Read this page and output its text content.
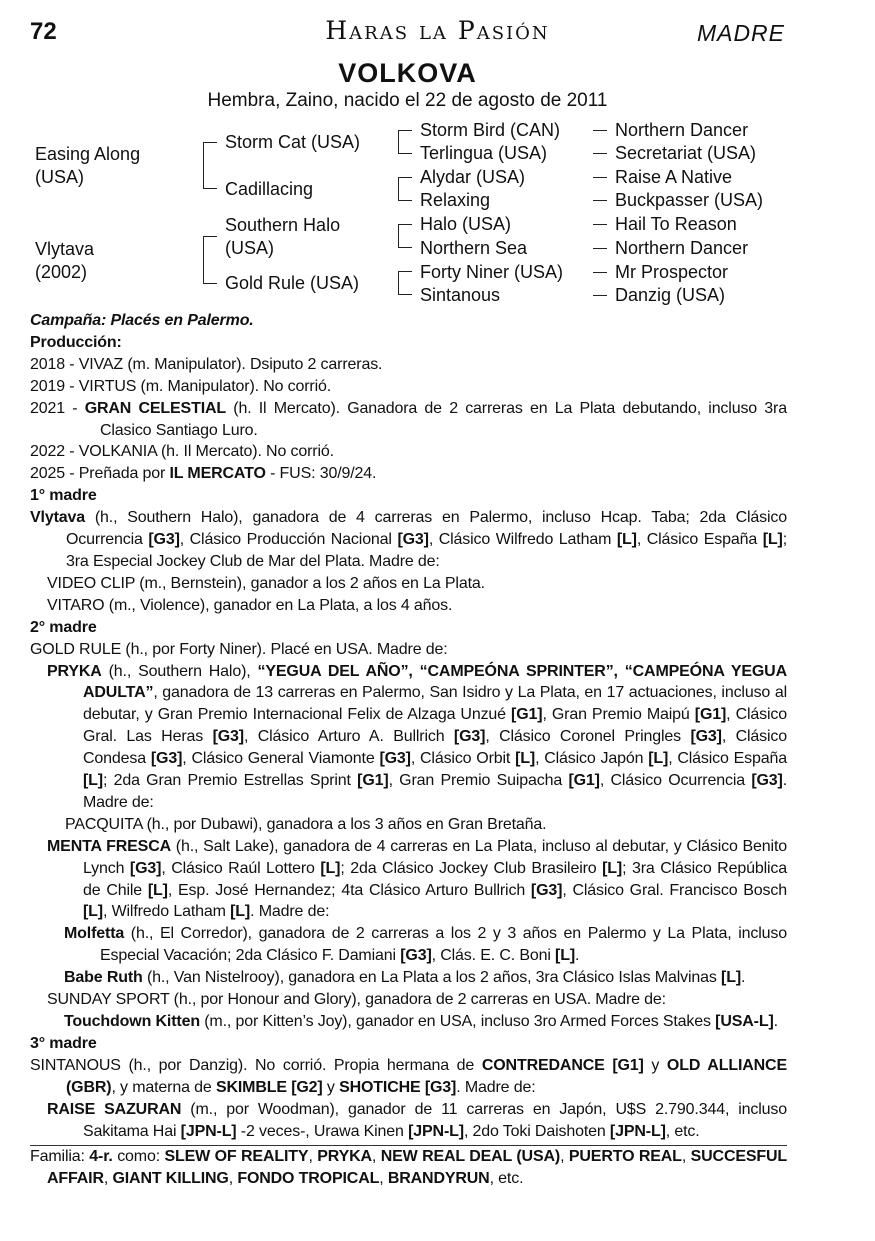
72	Haras la Pasión	MADRE
VOLKOVA
Hembra, Zaino, nacido el 22 de agosto de 2011
Easing Along (USA)
Vlytava (2002)
Storm Cat (USA)
Cadillacing
Southern Halo (USA)
Gold Rule (USA)
Storm Bird (CAN)
Terlingua (USA)
Alydar (USA)
Relaxing
Halo (USA)
Northern Sea
Forty Niner (USA)
Sintanous
Northern Dancer
Secretariat (USA)
Raise A Native
Buckpasser (USA)
Hail To Reason
Northern Dancer
Mr Prospector
Danzig (USA)

Campaña: Placés en Palermo.

Producción:

2018 - VIVAZ (m. Manipulator). Dsiputo 2 carreras.

2019 - VIRTUS (m. Manipulator). No corrió.

2021 - GRAN CELESTIAL (h. Il Mercato). Ganadora de 2 carreras en La Plata debutando, incluso 3ra Clasico Santiago Luro.

2022 - VOLKANIA (h. Il Mercato). No corrió.

2025 - Preñada por IL MERCATO - FUS: 30/9/24.

1° madre

Vlytava (h., Southern Halo), ganadora de 4 carreras en Palermo, incluso Hcap. Taba; 2da Clásico Ocurrencia [G3], Clásico Producción Nacional [G3], Clásico Wilfredo Latham [L], Clásico España [L]; 3ra Especial Jockey Club de Mar del Plata. Madre de:

VIDEO CLIP (m., Bernstein), ganador a los 2 años en La Plata.

VITARO (m., Violence), ganador en La Plata, a los 4 años.

2° madre

GOLD RULE (h., por Forty Niner). Placé en USA. Madre de:

PRYKA (h., Southern Halo), “YEGUA DEL AÑO”, “CAMPEÓNA SPRINTER”, “CAMPEÓNA YEGUA ADULTA”, ganadora de 13 carreras en Palermo, San Isidro y La Plata, en 17 actuaciones, incluso al debutar, y Gran Premio Internacional Felix de Alzaga Unzué [G1], Gran Premio Maipú [G1], Clásico Gral. Las Heras [G3], Clásico Arturo A. Bullrich [G3], Clásico Coronel Pringles [G3], Clásico Condesa [G3], Clásico General Viamonte [G3], Clásico Orbit [L], Clásico Japón [L], Clásico España [L]; 2da Gran Premio Estrellas Sprint [G1], Gran Premio Suipacha [G1], Clásico Ocurrencia [G3]. Madre de:

PACQUITA (h., por Dubawi), ganadora a los 3 años en Gran Bretaña.

MENTA FRESCA (h., Salt Lake), ganadora de 4 carreras en La Plata, incluso al debutar, y Clásico Benito Lynch [G3], Clásico Raúl Lottero [L]; 2da Clásico Jockey Club Brasileiro [L]; 3ra Clásico República de Chile [L], Esp. José Hernandez; 4ta Clásico Arturo Bullrich [G3], Clásico Gral. Francisco Bosch [L], Wilfredo Latham [L]. Madre de:

Molfetta (h., El Corredor), ganadora de 2 carreras a los 2 y 3 años en Palermo y La Plata, incluso Especial Vacación; 2da Clásico F. Damiani [G3], Clás. E. C. Boni [L].

Babe Ruth (h., Van Nistelrooy), ganadora en La Plata a los 2 años, 3ra Clásico Islas Malvinas [L].

SUNDAY SPORT (h., por Honour and Glory), ganadora de 2 carreras en USA. Madre de:

Touchdown Kitten (m., por Kitten’s Joy), ganador en USA, incluso 3ro Armed Forces Stakes [USA-L].

3° madre

SINTANOUS (h., por Danzig). No corrió. Propia hermana de CONTREDANCE [G1] y OLD ALLIANCE (GBR), y materna de SKIMBLE [G2] y SHOTICHE [G3]. Madre de:

RAISE SAZURAN (m., por Woodman), ganador de 11 carreras en Japón, U$S 2.790.344, incluso Sakitama Hai [JPN-L] -2 veces-, Urawa Kinen [JPN-L], 2do Toki Daishoten [JPN-L], etc.

Familia: 4-r. como: SLEW OF REALITY, PRYKA, NEW REAL DEAL (USA), PUERTO REAL, SUCCESFUL AFFAIR, GIANT KILLING, FONDO TROPICAL, BRANDYRUN, etc.
